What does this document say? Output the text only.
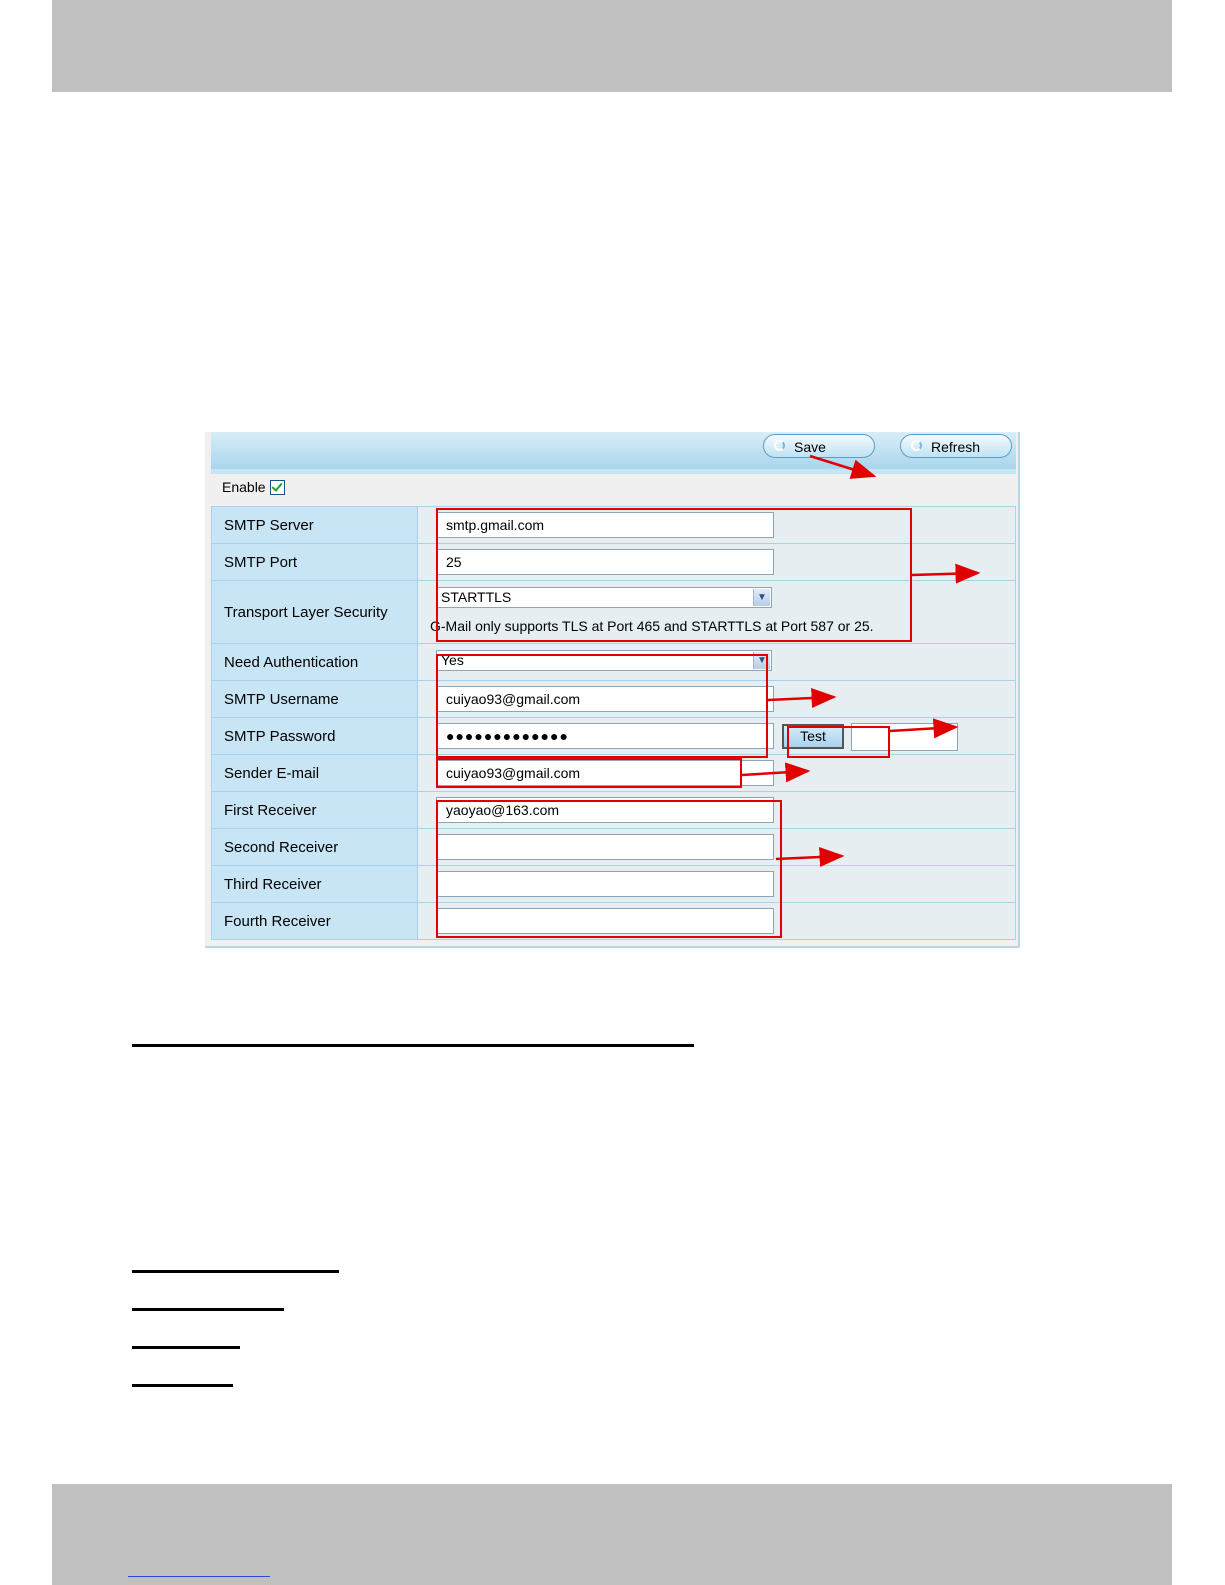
Save	Refresh
Enable
SMTP Server	smtp.gmail.com

SMTP Port	25

Transport Layer Security	STARTTLS ▼
G-Mail only supports TLS at Port 465 and STARTTLS at Port 587 or 25.

Need Authentication	Yes ▼

SMTP Username	cuiyao93@gmail.com

SMTP Password	●●●●●●●●●●●●● Test

Sender E-mail	cuiyao93@gmail.com

First Receiver	yaoyao@163.com

Second Receiver	

Third Receiver	

Fourth Receiver	
